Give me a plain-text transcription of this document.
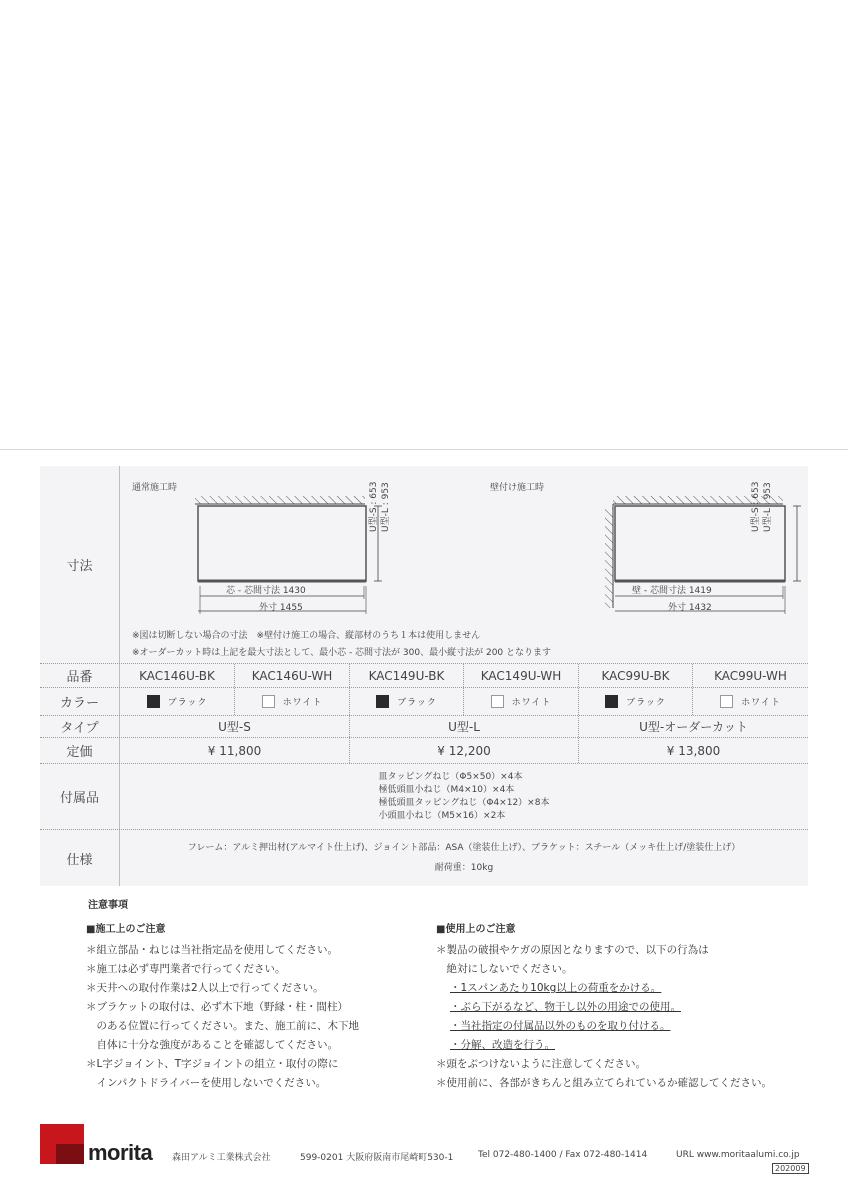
寸法
通常施工時	壁付け施工時
芯 - 芯間寸法 1430
外寸 1455
壁 - 芯間寸法 1419
外寸 1432
U型-S : 653 U型-L : 953	U型-S : 653 U型-L : 953
※図は切断しない場合の寸法　※壁付け施工の場合、縦部材のうち１本は使用しません
※オーダーカット時は上記を最大寸法として、最小芯 - 芯間寸法が 300、最小縦寸法が 200 となります
品番	KAC146U-BK	KAC146U-WH	KAC149U-BK	KAC149U-WH	KAC99U-BK	KAC99U-WH
カラー	ブラック	ホワイト	ブラック	ホワイト	ブラック	ホワイト
タイプ	U型-S	U型-L	U型-オーダーカット
定価	¥ 11,800	¥ 12,200	¥ 13,800
付属品
皿タッピングねじ（Φ5×50）×4本
極低頭皿小ねじ（M4×10）×4本
極低頭皿タッピングねじ（Φ4×12）×8本
小頭皿小ねじ（M5×16）×2本
仕様
フレーム：アルミ押出材(アルマイト仕上げ)、ジョイント部品：ASA（塗装仕上げ）、ブラケット：スチール（メッキ仕上げ/塗装仕上げ）
耐荷重：10kg
注意事項
■施工上のご注意
＊組立部品・ねじは当社指定品を使用してください。
＊施工は必ず専門業者で行ってください。
＊天井への取付作業は2人以上で行ってください。
＊ブラケットの取付は、必ず木下地（野縁・柱・間柱）
　のある位置に行ってください。また、施工前に、木下地
　自体に十分な強度があることを確認してください。
＊L字ジョイント、T字ジョイントの組立・取付の際に
　インパクトドライバーを使用しないでください。
■使用上のご注意
＊製品の破損やケガの原因となりますので、以下の行為は
　絶対にしないでください。
・1スパンあたり10kg以上の荷重をかける。
・ぶら下がるなど、物干し以外の用途での使用。
・当社指定の付属品以外のものを取り付ける。
・分解、改造を行う。
＊頭をぶつけないように注意してください。
＊使用前に、各部がきちんと組み立てられているか確認してください。
morita 森田アルミ工業株式会社	599-0201 大阪府阪南市尾崎町530-1	Tel 072-480-1400 / Fax 072-480-1414	URL www.moritaalumi.co.jp
202009
